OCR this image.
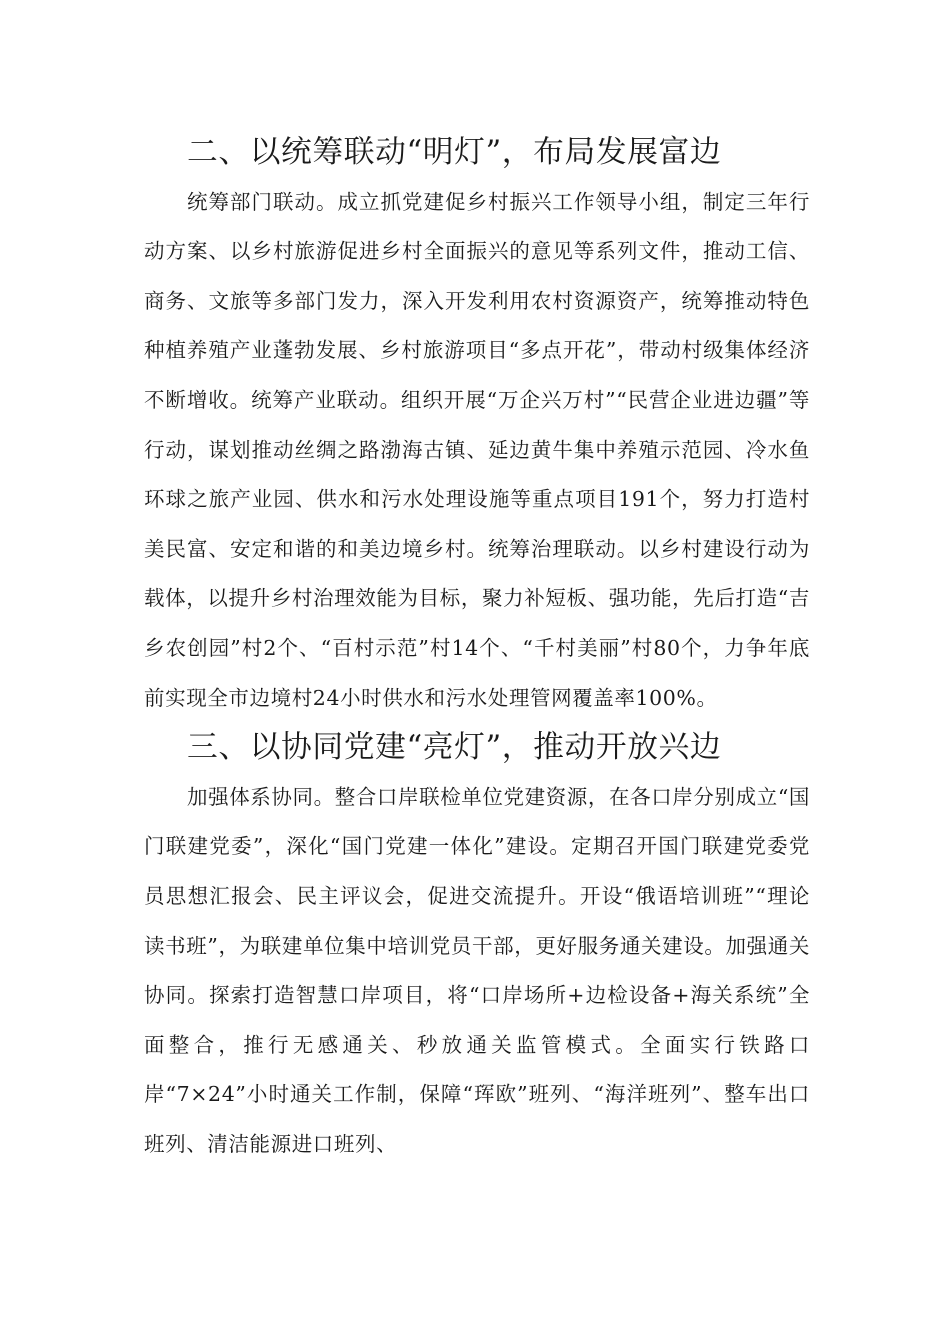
二、以统筹联动“明灯”，布局发展富边

统筹部门联动。成立抓党建促乡村振兴工作领导小组，制定三年行动方案、以乡村旅游促进乡村全面振兴的意见等系列文件，推动工信、商务、文旅等多部门发力，深入开发利用农村资源资产，统筹推动特色种植养殖产业蓬勃发展、乡村旅游项目“多点开花”，带动村级集体经济不断增收。统筹产业联动。组织开展“万企兴万村”“民营企业进边疆”等行动，谋划推动丝绸之路渤海古镇、延边黄牛集中养殖示范园、冷水鱼环球之旅产业园、供水和污水处理设施等重点项目191个，努力打造村美民富、安定和谐的和美边境乡村。统筹治理联动。以乡村建设行动为载体，以提升乡村治理效能为目标，聚力补短板、强功能，先后打造“吉乡农创园”村2个、“百村示范”村14个、“千村美丽”村80个，力争年底前实现全市边境村24小时供水和污水处理管网覆盖率100%。

三、以协同党建“亮灯”，推动开放兴边

加强体系协同。整合口岸联检单位党建资源，在各口岸分别成立“国门联建党委”，深化“国门党建一体化”建设。定期召开国门联建党委党员思想汇报会、民主评议会，促进交流提升。开设“俄语培训班”“理论读书班”，为联建单位集中培训党员干部，更好服务通关建设。加强通关协同。探索打造智慧口岸项目，将“口岸场所+边检设备+海关系统”全面整合，推行无感通关、秒放通关监管模式。全面实行铁路口岸“7×24”小时通关工作制，保障“珲欧”班列、“海洋班列”、整车出口班列、清洁能源进口班列、
